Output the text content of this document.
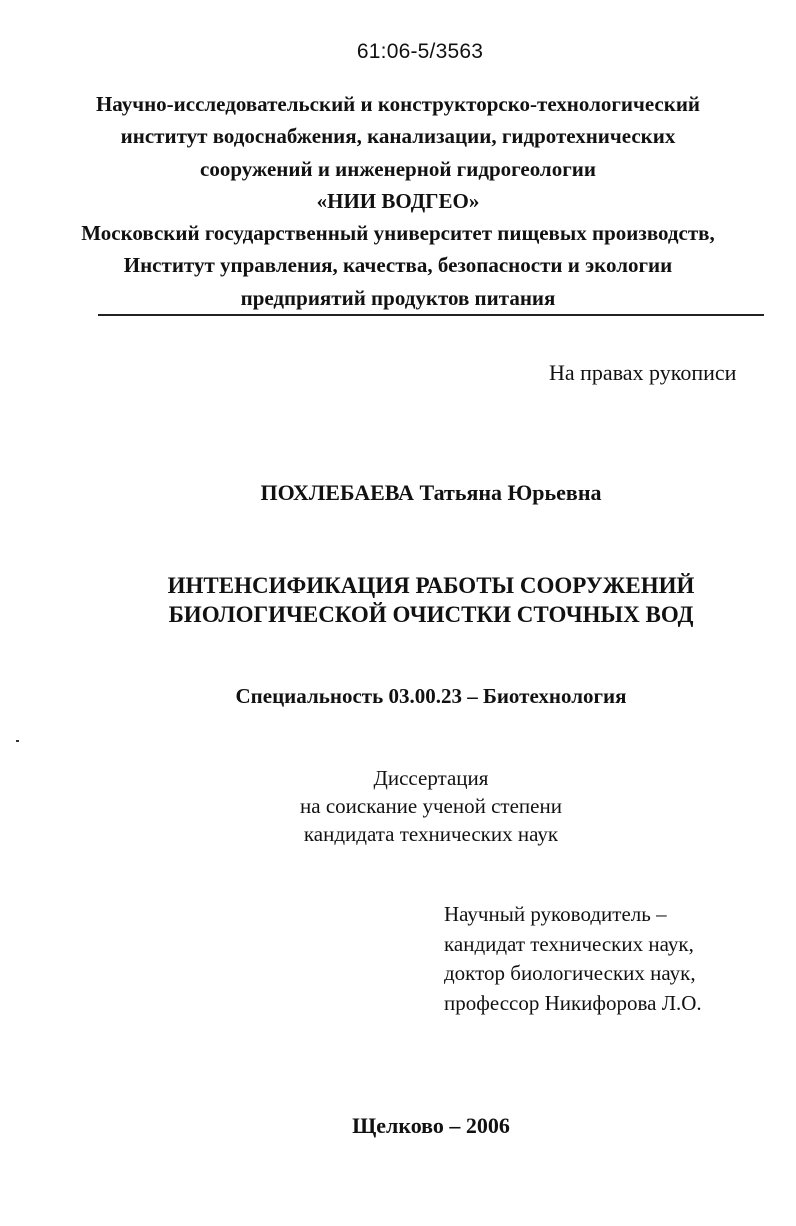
61:06-5/3563
Научно-исследовательский и конструкторско-технологический
институт водоснабжения, канализации, гидротехнических
сооружений и инженерной гидрогеологии
«НИИ ВОДГЕО»
Московский государственный университет пищевых производств,
Институт управления, качества, безопасности и экологии
предприятий продуктов питания
На правах рукописи
ПОХЛЕБАЕВА Татьяна Юрьевна
ИНТЕНСИФИКАЦИЯ РАБОТЫ СООРУЖЕНИЙ
БИОЛОГИЧЕСКОЙ ОЧИСТКИ СТОЧНЫХ ВОД
Специальность 03.00.23 – Биотехнология
Диссертация
на соискание ученой степени
кандидата технических наук
Научный руководитель –
кандидат технических наук,
доктор биологических наук,
профессор Никифорова Л.О.
Щелково – 2006
